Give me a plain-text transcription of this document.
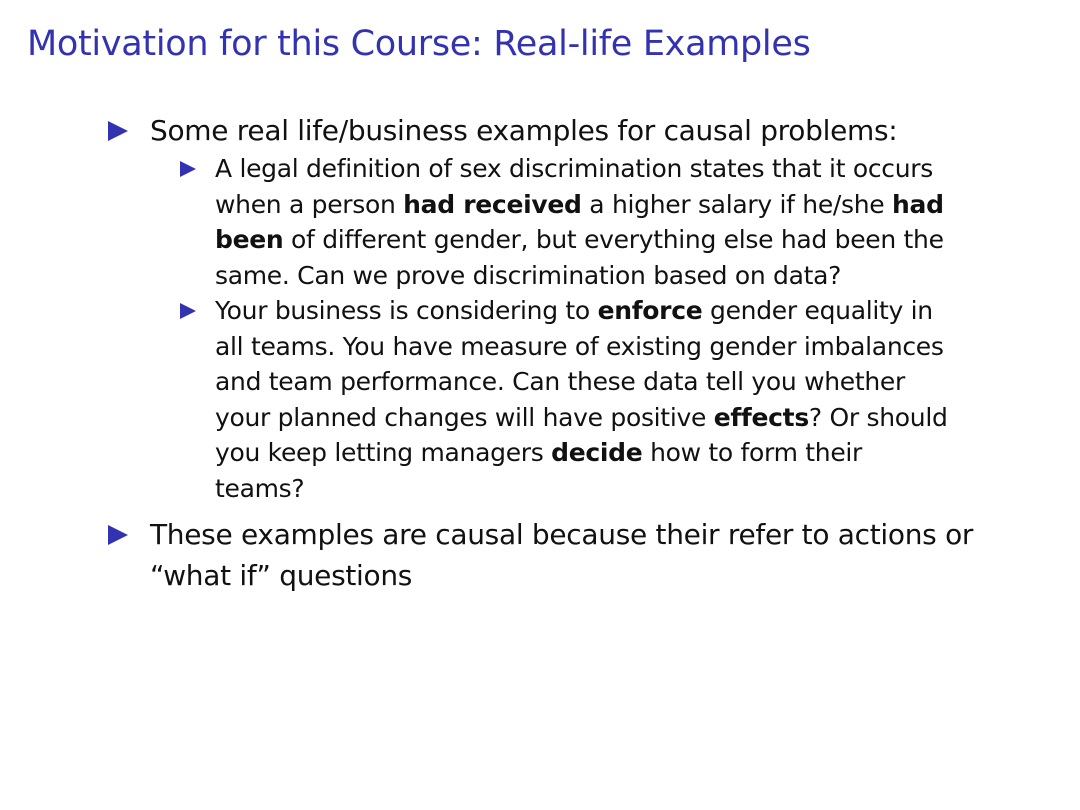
Motivation for this Course: Real-life Examples
Some real life/business examples for causal problems:
A legal definition of sex discrimination states that it occurs when a person had received a higher salary if he/she had been of different gender, but everything else had been the same. Can we prove discrimination based on data?
Your business is considering to enforce gender equality in all teams. You have measure of existing gender imbalances and team performance. Can these data tell you whether your planned changes will have positive effects? Or should you keep letting managers decide how to form their teams?
These examples are causal because their refer to actions or “what if” questions
